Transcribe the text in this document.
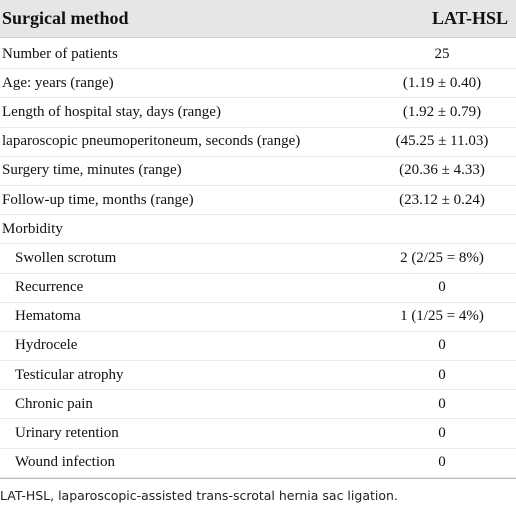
Surgical method	LAT-HSL
Number of patients	25
Age: years (range)	(1.19 ± 0.40)
Length of hospital stay, days (range)	(1.92 ± 0.79)
laparoscopic pneumoperitoneum, seconds (range)	(45.25 ± 11.03)
Surgery time, minutes (range)	(20.36 ± 4.33)
Follow-up time, months (range)	(23.12 ± 0.24)
Morbidity
Swollen scrotum	2 (2/25 = 8%)
Recurrence	0
Hematoma	1 (1/25 = 4%)
Hydrocele	0
Testicular atrophy	0
Chronic pain	0
Urinary retention	0
Wound infection	0
LAT-HSL, laparoscopic-assisted trans-scrotal hernia sac ligation.
